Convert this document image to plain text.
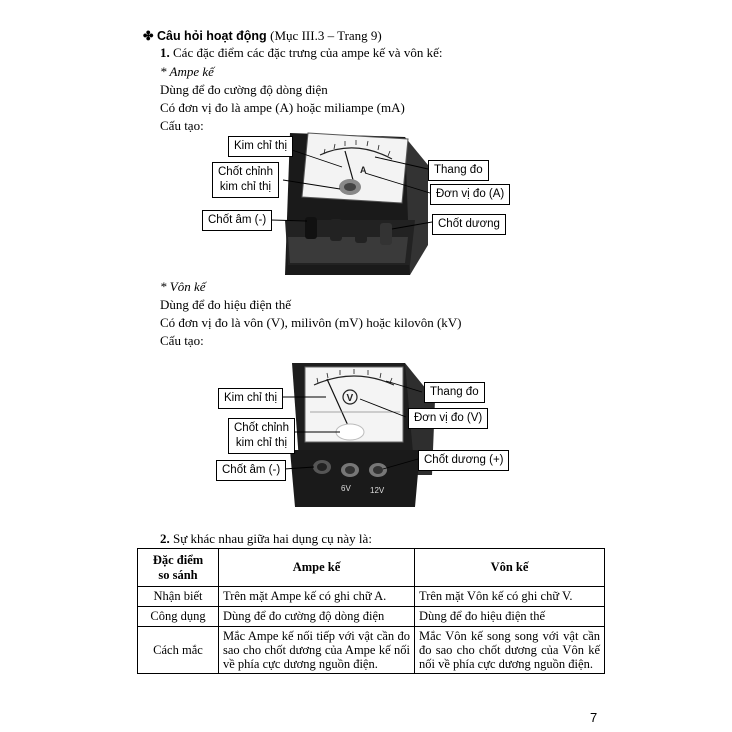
✤ Câu hỏi hoạt động (Mục III.3 – Trang 9)
1. Các đặc điểm các đặc trưng của ampe kế và vôn kế:
* Ampe kế
Dùng để đo cường độ dòng điện
Có đơn vị đo là ampe (A) hoặc miliampe (mA)
Cấu tạo:
A
Kim chỉ thị
Chốt chỉnh
kim chỉ thị
Chốt âm (-)
Thang đo
Đơn vị đo (A)
Chốt dương
* Vôn kế
Dùng để đo hiệu điện thế
Có đơn vị đo là vôn (V), milivôn (mV) hoặc kilovôn (kV)
Cấu tạo:
V
6V 12V
Kim chỉ thị
Chốt chỉnh
kim chỉ thị
Chốt âm (-)
Thang đo
Đơn vị đo (V)
Chốt dương (+)
2. Sự khác nhau giữa hai dụng cụ này là:
Đặc điểm
so sánh	Ampe kế	Vôn kế
Nhận biết	Trên mặt Ampe kế có ghi chữ A.	Trên mặt Vôn kế có ghi chữ V.
Công dụng	Dùng để đo cường độ dòng điện	Dùng để đo hiệu điện thế
Cách mắc	Mắc Ampe kế nối tiếp với vật cần đo sao cho chốt dương của Ampe kế nối về phía cực dương nguồn điện.	Mắc Vôn kế song song với vật cần đo sao cho chốt dương của Vôn kế nối về phía cực dương nguồn điện.
7
